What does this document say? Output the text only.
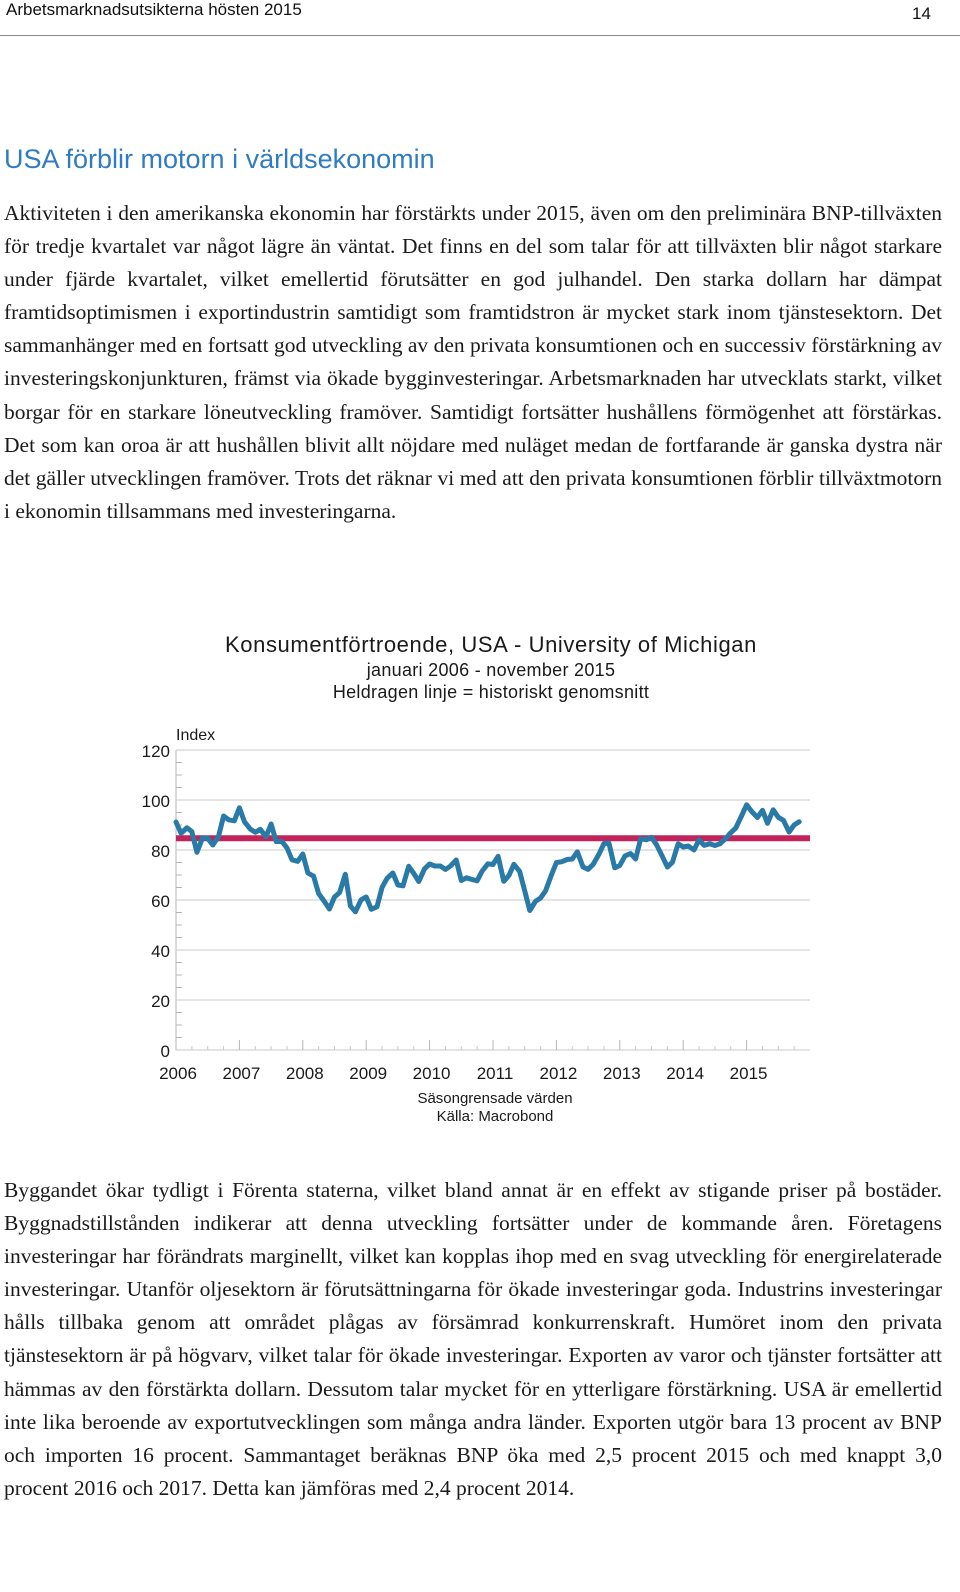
Arbetsmarknadsutsikterna hösten 2015	14
USA förblir motorn i världsekonomin

Aktiviteten i den amerikanska ekonomin har förstärkts under 2015, även om den preliminära BNP-tillväxten för tredje kvartalet var något lägre än väntat. Det finns en del som talar för att tillväxten blir något starkare under fjärde kvartalet, vilket emellertid förutsätter en god julhandel. Den starka dollarn har dämpat framtidsoptimismen i exportindustrin samtidigt som framtidstron är mycket stark inom tjänstesektorn. Det sammanhänger med en fortsatt god utveckling av den privata konsumtionen och en successiv förstärkning av investeringskonjunkturen, främst via ökade bygginvesteringar. Arbetsmarknaden har utvecklats starkt, vilket borgar för en starkare löneutveckling framöver. Samtidigt fortsätter hushållens förmögenhet att förstärkas. Det som kan oroa är att hushållen blivit allt nöjdare med nuläget medan de fortfarande är ganska dystra när det gäller utvecklingen framöver. Trots det räknar vi med att den privata konsumtionen förblir tillväxtmotorn i ekonomin tillsammans med investeringarna.

Konsumentförtroende, USA - University of Michigan
januari 2006 - november 2015
Heldragen linje = historiskt genomsnitt
Index
0
20
40
60
80
100
120
2006 2007 2008 2009 2010 2011 2012 2013 2014 2015
Säsongrensade värden
Källa: Macrobond

Byggandet ökar tydligt i Förenta staterna, vilket bland annat är en effekt av stigande priser på bostäder. Byggnadstillstånden indikerar att denna utveckling fortsätter under de kommande åren. Företagens investeringar har förändrats marginellt, vilket kan kopplas ihop med en svag utveckling för energirelaterade investeringar. Utanför oljesektorn är förutsättningarna för ökade investeringar goda. Industrins investeringar hålls tillbaka genom att området plågas av försämrad konkurrenskraft. Humöret inom den privata tjänstesektorn är på högvarv, vilket talar för ökade investeringar. Exporten av varor och tjänster fortsätter att hämmas av den förstärkta dollarn. Dessutom talar mycket för en ytterligare förstärkning. USA är emellertid inte lika beroende av exportutvecklingen som många andra länder. Exporten utgör bara 13 procent av BNP och importen 16 procent. Sammantaget beräknas BNP öka med 2,5 procent 2015 och med knappt 3,0 procent 2016 och 2017. Detta kan jämföras med 2,4 procent 2014.
